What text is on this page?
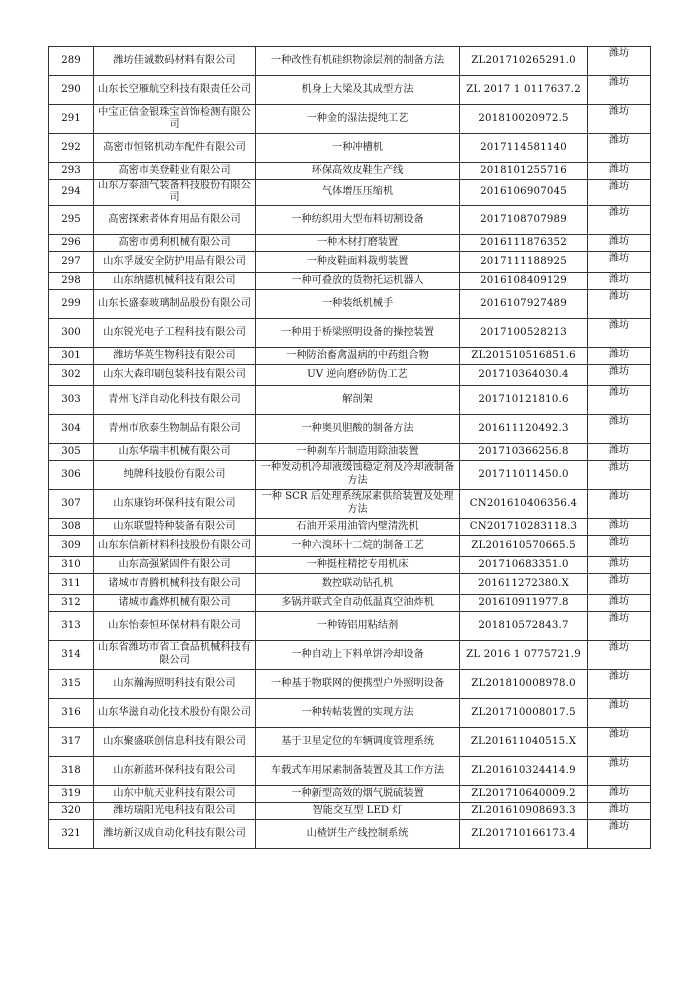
289	潍坊佳诚数码材料有限公司	一种改性有机硅织物涂层剂的制备方法	ZL201710265291.0	潍坊
290	山东长空雁航空科技有限责任公司	机身上大梁及其成型方法	ZL 2017 1 0117637.2	潍坊
291	中宝正信金银珠宝首饰检测有限公司	一种金的湿法提纯工艺	201810020972.5	潍坊
292	高密市恒铭机动车配件有限公司	一种冲槽机	2017114581140	潍坊
293	高密市美登鞋业有限公司	环保高效皮鞋生产线	2018101255716	潍坊
294	山东万泰油气装备科技股份有限公司	气体增压压缩机	2016106907045	潍坊
295	高密探索者体育用品有限公司	一种纺织用大型布料切割设备	2017108707989	潍坊
296	高密市勇利机械有限公司	一种木材打磨装置	2016111876352	潍坊
297	山东孚晟安全防护用品有限公司	一种皮鞋面料裁剪装置	2017111188925	潍坊
298	山东纳德机械科技有限公司	一种可叠放的货物托运机器人	2016108409129	潍坊
299	山东长盛泰玻璃制品股份有限公司	一种装纸机械手	2016107927489	潍坊
300	山东锐光电子工程科技有限公司	一种用于桥梁照明设备的操控装置	2017100528213	潍坊
301	潍坊华英生物科技有限公司	一种防治畜禽温病的中药组合物	ZL201510516851.6	潍坊
302	山东大森印刷包装科技有限公司	UV 逆向磨砂防伪工艺	201710364030.4	潍坊
303	青州飞洋自动化科技有限公司	解剖架	201710121810.6	潍坊
304	青州市欣泰生物制品有限公司	一种奥贝胆酸的制备方法	201611120492.3	潍坊
305	山东华瑞丰机械有限公司	一种刹车片制造用除油装置	201710366256.8	潍坊
306	纯牌科技股份有限公司	一种发动机冷却液缓蚀稳定剂及冷却液制备方法	201711011450.0	潍坊
307	山东康钧环保科技有限公司	一种 SCR 后处理系统尿素供给装置及处理方法	CN201610406356.4	潍坊
308	山东联盟特种装备有限公司	石油开采用油管内壁清洗机	CN201710283118.3	潍坊
309	山东东信新材料科技股份有限公司	一种六溴环十二烷的制备工艺	ZL201610570665.5	潍坊
310	山东高强紧固件有限公司	一种挺柱精挖专用机床	201710683351.0	潍坊
311	诸城市青腾机械科技有限公司	数控联动钻孔机	201611272380.X	潍坊
312	诸城市鑫烨机械有限公司	多锅并联式全自动低温真空油炸机	201610911977.8	潍坊
313	山东怡泰恒环保材料有限公司	一种铸铝用粘结剂	201810572843.7	潍坊
314	山东省潍坊市省工食品机械科技有限公司	一种自动上下料单饼冷却设备	ZL 2016 1 0775721.9	潍坊
315	山东瀚海照明科技有限公司	一种基于物联网的便携型户外照明设备	ZL201810008978.0	潍坊
316	山东华滋自动化技术股份有限公司	一种转帖装置的实现方法	ZL201710008017.5	潍坊
317	山东聚盛联创信息科技有限公司	基于卫星定位的车辆调度管理系统	ZL201611040515.X	潍坊
318	山东新蓝环保科技有限公司	车载式车用尿素制备装置及其工作方法	ZL201610324414.9	潍坊
319	山东中航天业科技有限公司	一种新型高效的烟气脱硫装置	ZL201710640009.2	潍坊
320	潍坊瑞阳光电科技有限公司	智能交互型 LED 灯	ZL201610908693.3	潍坊
321	潍坊新汉成自动化科技有限公司	山楂饼生产线控制系统	ZL201710166173.4	潍坊
